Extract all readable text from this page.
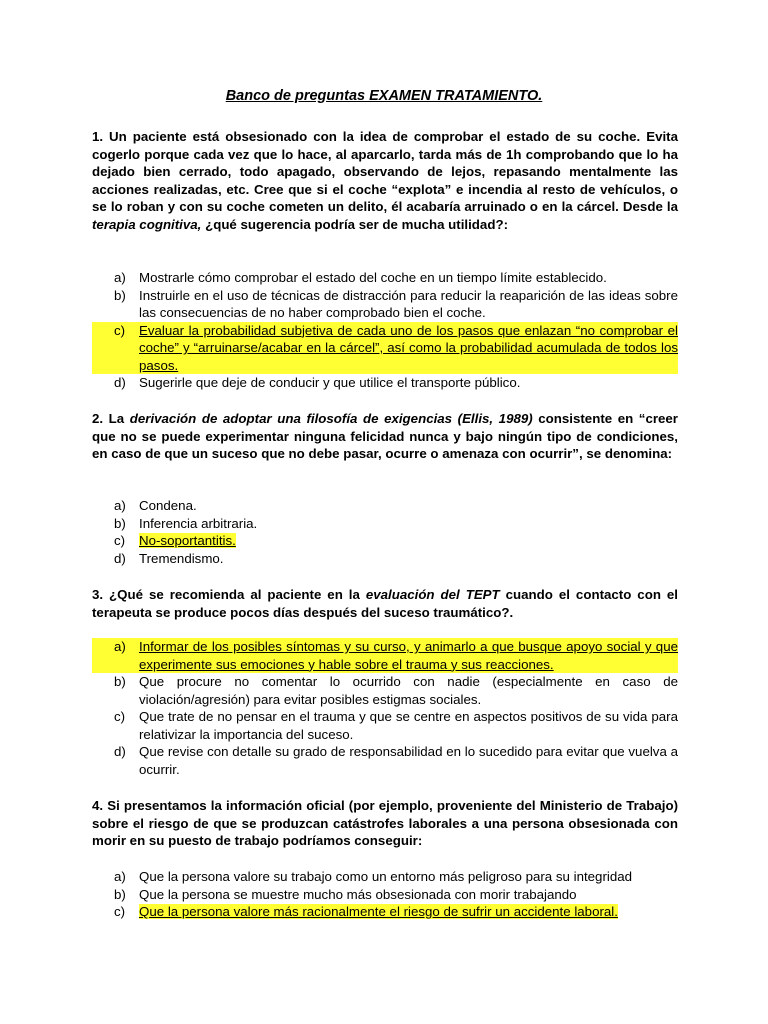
Banco de preguntas EXAMEN TRATAMIENTO.
1. Un paciente está obsesionado con la idea de comprobar el estado de su coche. Evita cogerlo porque cada vez que lo hace, al aparcarlo, tarda más de 1h comprobando que lo ha dejado bien cerrado, todo apagado, observando de lejos, repasando mentalmente las acciones realizadas, etc. Cree que si el coche “explota” e incendia al resto de vehículos, o se lo roban y con su coche cometen un delito, él acabaría arruinado o en la cárcel. Desde la terapia cognitiva, ¿qué sugerencia podría ser de mucha utilidad?:
a) Mostrarle cómo comprobar el estado del coche en un tiempo límite establecido.
b) Instruirle en el uso de técnicas de distracción para reducir la reaparición de las ideas sobre las consecuencias de no haber comprobado bien el coche.
c) Evaluar la probabilidad subjetiva de cada uno de los pasos que enlazan “no comprobar el coche” y “arruinarse/acabar en la cárcel”, así como la probabilidad acumulada de todos los pasos.
d) Sugerirle que deje de conducir y que utilice el transporte público.
2. La derivación de adoptar una filosofía de exigencias (Ellis, 1989) consistente en “creer que no se puede experimentar ninguna felicidad nunca y bajo ningún tipo de condiciones, en caso de que un suceso que no debe pasar, ocurre o amenaza con ocurrir”, se denomina:
a) Condena.
b) Inferencia arbitraria.
c) No-soportantitis.
d) Tremendismo.
3. ¿Qué se recomienda al paciente en la evaluación del TEPT cuando el contacto con el terapeuta se produce pocos días después del suceso traumático?.
a) Informar de los posibles síntomas y su curso, y animarlo a que busque apoyo social y que experimente sus emociones y hable sobre el trauma y sus reacciones.
b) Que procure no comentar lo ocurrido con nadie (especialmente en caso de violación/agresión) para evitar posibles estigmas sociales.
c) Que trate de no pensar en el trauma y que se centre en aspectos positivos de su vida para relativizar la importancia del suceso.
d) Que revise con detalle su grado de responsabilidad en lo sucedido para evitar que vuelva a ocurrir.
4. Si presentamos la información oficial (por ejemplo, proveniente del Ministerio de Trabajo) sobre el riesgo de que se produzcan catástrofes laborales a una persona obsesionada con morir en su puesto de trabajo podríamos conseguir:
a) Que la persona valore su trabajo como un entorno más peligroso para su integridad
b) Que la persona se muestre mucho más obsesionada con morir trabajando
c) Que la persona valore más racionalmente el riesgo de sufrir un accidente laboral.
